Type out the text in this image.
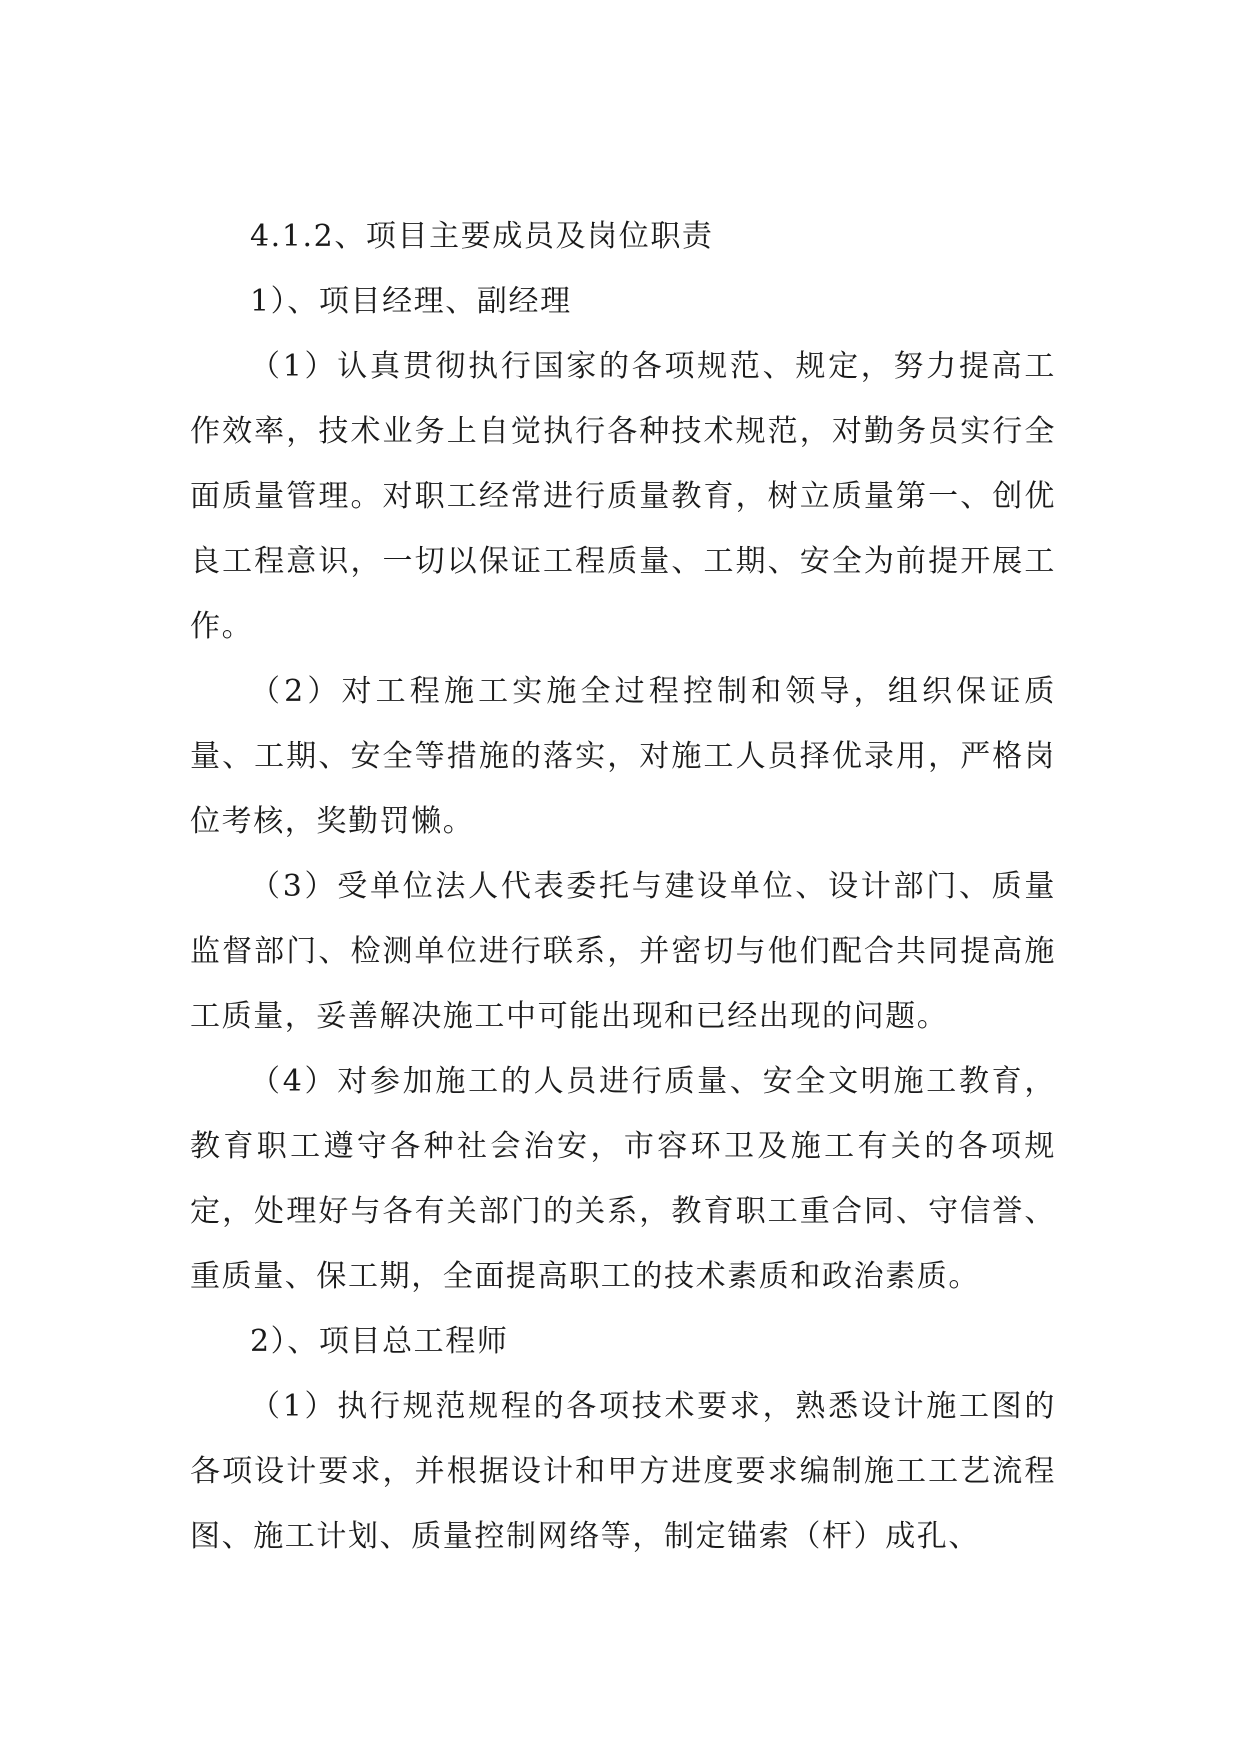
4.1.2、项目主要成员及岗位职责

1）、项目经理、副经理

（1）认真贯彻执行国家的各项规范、规定，努力提高工作效率，技术业务上自觉执行各种技术规范，对勤务员实行全面质量管理。对职工经常进行质量教育，树立质量第一、创优良工程意识，一切以保证工程质量、工期、安全为前提开展工作。

（2）对工程施工实施全过程控制和领导，组织保证质量、工期、安全等措施的落实，对施工人员择优录用，严格岗位考核，奖勤罚懒。

（3）受单位法人代表委托与建设单位、设计部门、质量监督部门、检测单位进行联系，并密切与他们配合共同提高施工质量，妥善解决施工中可能出现和已经出现的问题。

（4）对参加施工的人员进行质量、安全文明施工教育，教育职工遵守各种社会治安，市容环卫及施工有关的各项规定，处理好与各有关部门的关系，教育职工重合同、守信誉、重质量、保工期，全面提高职工的技术素质和政治素质。

2）、项目总工程师

（1）执行规范规程的各项技术要求，熟悉设计施工图的各项设计要求，并根据设计和甲方进度要求编制施工工艺流程图、施工计划、质量控制网络等，制定锚索（杆）成孔、
